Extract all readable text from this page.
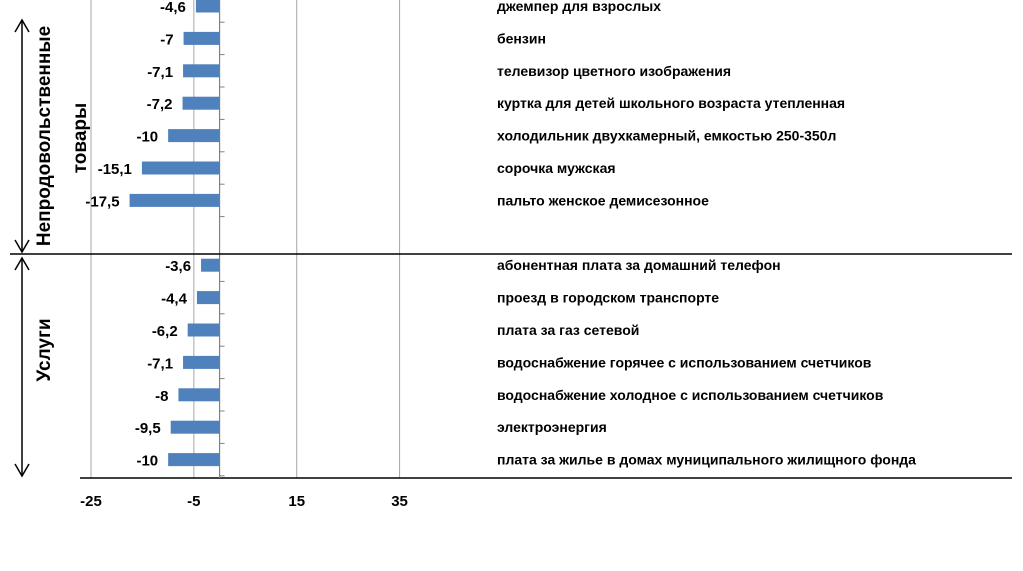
-25	-5	15	35
-4,6	джемпер для взрослых
-7	бензин
-7,1	телевизор цветного изображения
-7,2	куртка для детей школьного возраста утепленная
-10	холодильник двухкамерный, емкостью 250-350л
-15,1	сорочка мужская
-17,5	пальто женское демисезонное
-3,6	абонентная плата за домашний телефон
-4,4	проезд в городском транспорте
-6,2	плата за газ сетевой
-7,1	водоснабжение горячее с использованием счетчиков
-8	водоснабжение холодное с использованием счетчиков
-9,5	электроэнергия
-10	плата за жилье в домах муниципального жилищного фонда
Непродовольственные товары
Услуги
